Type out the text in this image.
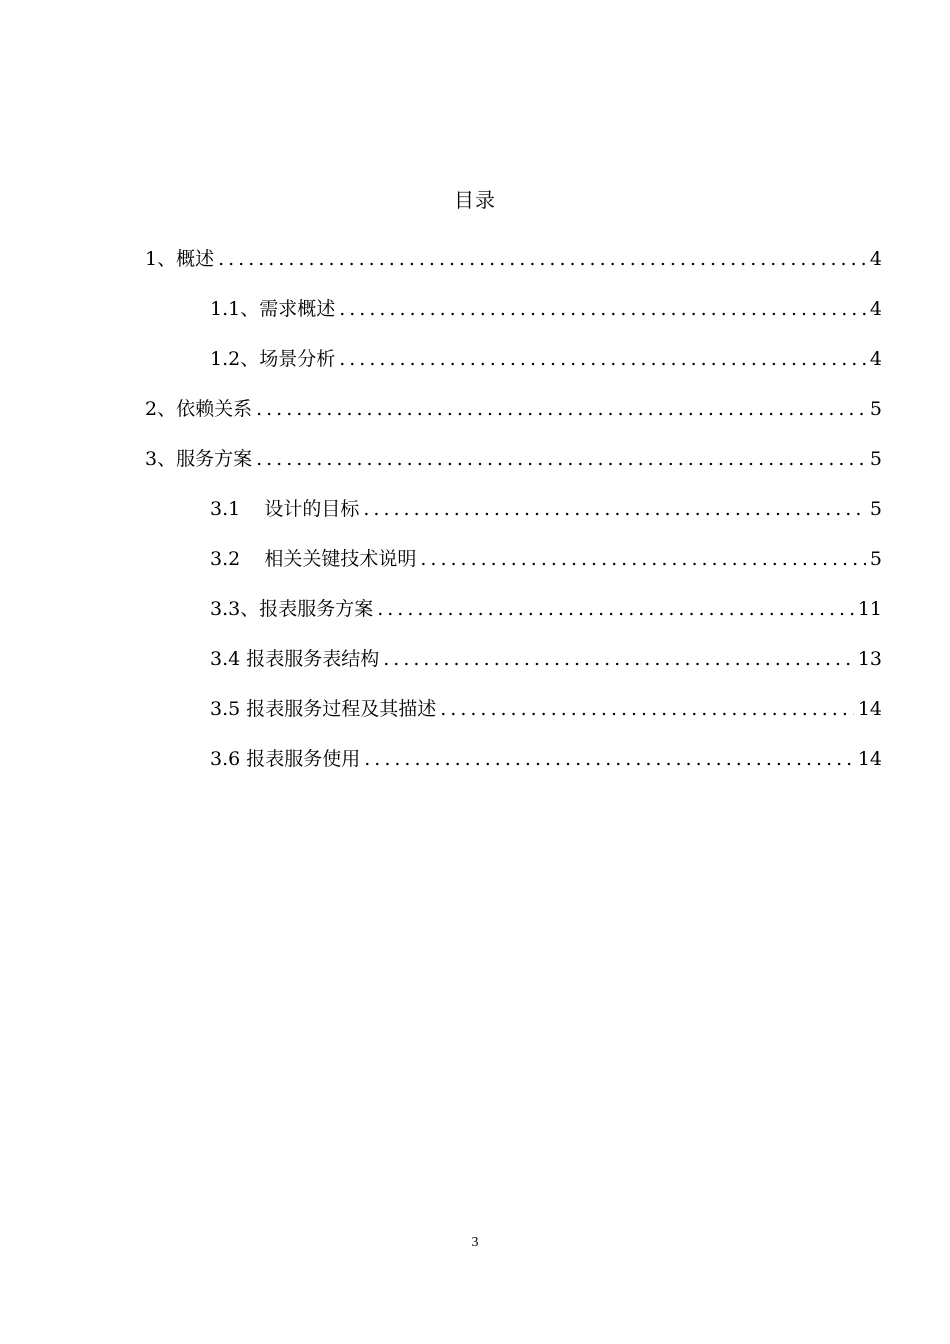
目录
1、概述 .....	4
1.1、需求概述 .....	4
1.2、场景分析 .....	4
2、依赖关系 .....	5
3、服务方案 .....	5
3.1    设计的目标 .....	5
3.2    相关关键技术说明 .....	5
3.3、报表服务方案 .....	11
3.4 报表服务表结构 .....	13
3.5 报表服务过程及其描述 .....	14
3.6 报表服务使用 .....	14
3
